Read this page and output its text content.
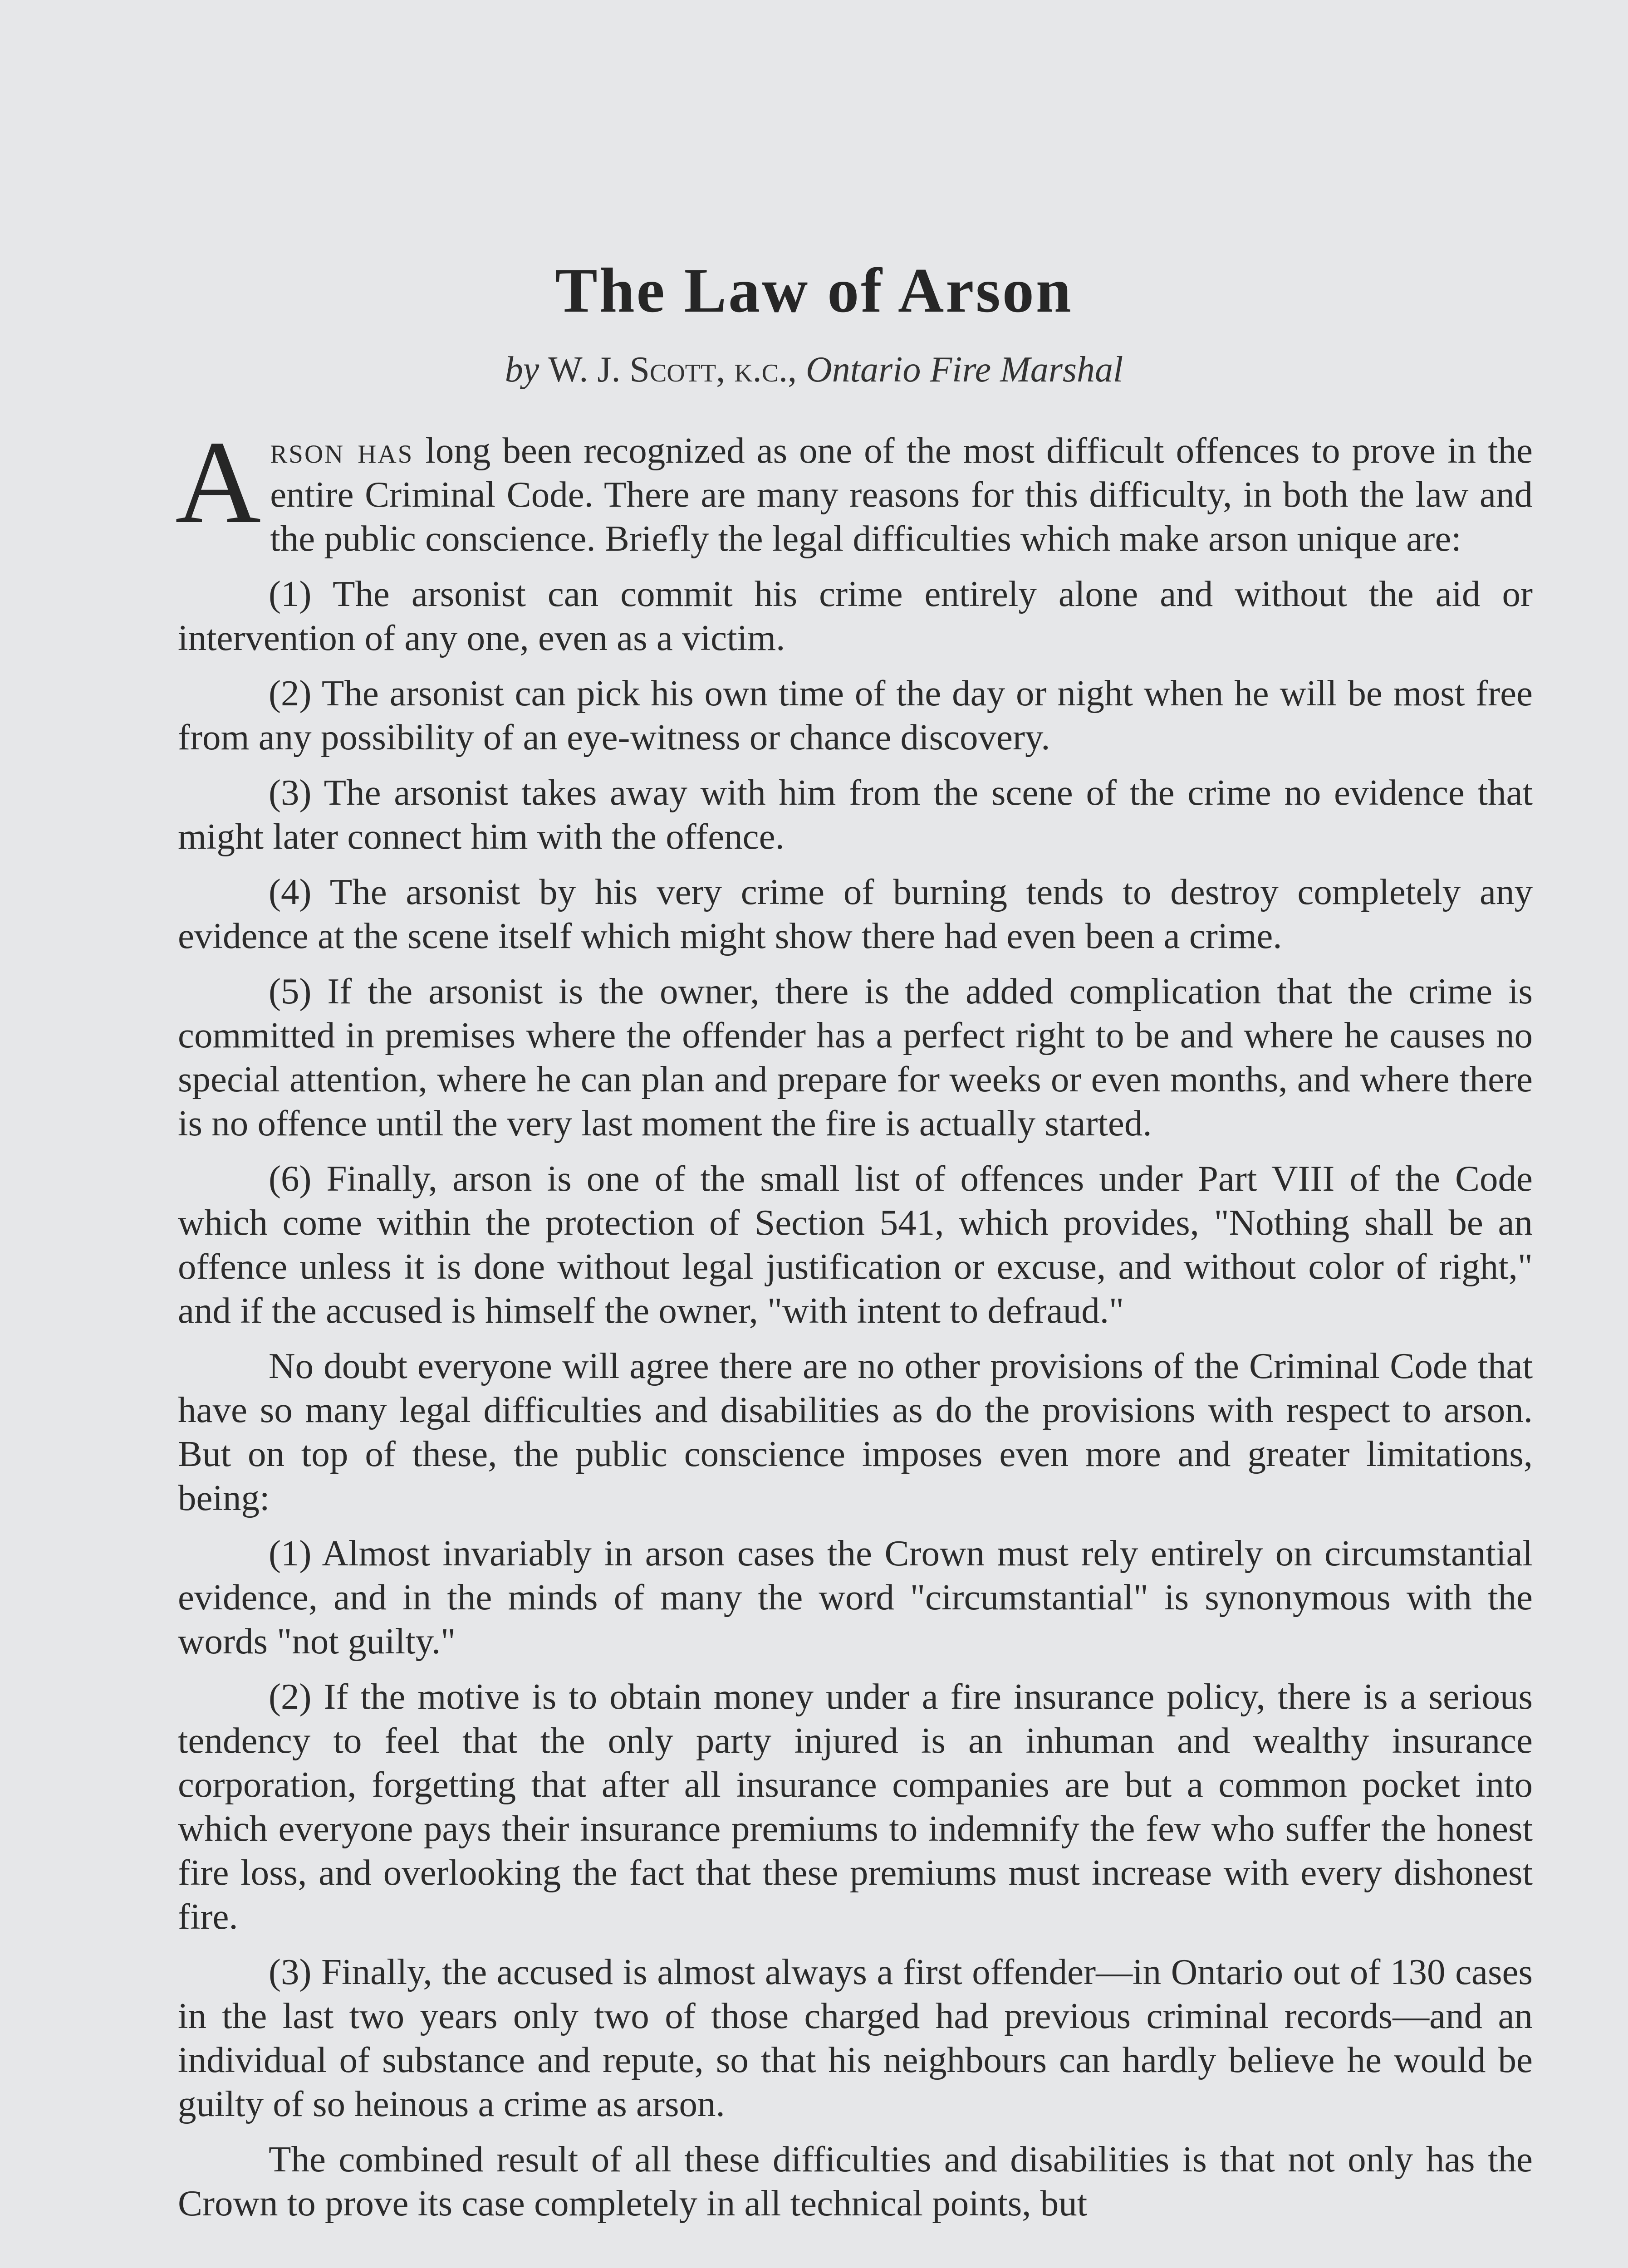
The Law of Arson
by W. J. Scott, k.c., Ontario Fire Marshal

Arson has long been recognized as one of the most difficult offences to prove in the entire Criminal Code. There are many reasons for this difficulty, in both the law and the public conscience. Briefly the legal difficulties which make arson unique are:

(1) The arsonist can commit his crime entirely alone and without the aid or intervention of any one, even as a victim.

(2) The arsonist can pick his own time of the day or night when he will be most free from any possibility of an eye-witness or chance discovery.

(3) The arsonist takes away with him from the scene of the crime no evidence that might later connect him with the offence.

(4) The arsonist by his very crime of burning tends to destroy completely any evidence at the scene itself which might show there had even been a crime.

(5) If the arsonist is the owner, there is the added complication that the crime is committed in premises where the offender has a perfect right to be and where he causes no special attention, where he can plan and prepare for weeks or even months, and where there is no offence until the very last moment the fire is actually started.

(6) Finally, arson is one of the small list of offences under Part VIII of the Code which come within the protection of Section 541, which provides, "Nothing shall be an offence unless it is done without legal justification or excuse, and without color of right," and if the accused is himself the owner, "with intent to defraud."

No doubt everyone will agree there are no other provisions of the Criminal Code that have so many legal difficulties and disabilities as do the provisions with respect to arson. But on top of these, the public conscience imposes even more and greater limitations, being:

(1) Almost invariably in arson cases the Crown must rely entirely on circumstantial evidence, and in the minds of many the word "circumstantial" is synonymous with the words "not guilty."

(2) If the motive is to obtain money under a fire insurance policy, there is a serious tendency to feel that the only party injured is an inhuman and wealthy insurance corporation, forgetting that after all insurance companies are but a common pocket into which everyone pays their insurance premiums to indemnify the few who suffer the honest fire loss, and overlooking the fact that these premiums must increase with every dishonest fire.

(3) Finally, the accused is almost always a first offender—in Ontario out of 130 cases in the last two years only two of those charged had previous criminal records—and an individual of substance and repute, so that his neighbours can hardly believe he would be guilty of so heinous a crime as arson.

The combined result of all these difficulties and disabilities is that not only has the Crown to prove its case completely in all technical points, but
